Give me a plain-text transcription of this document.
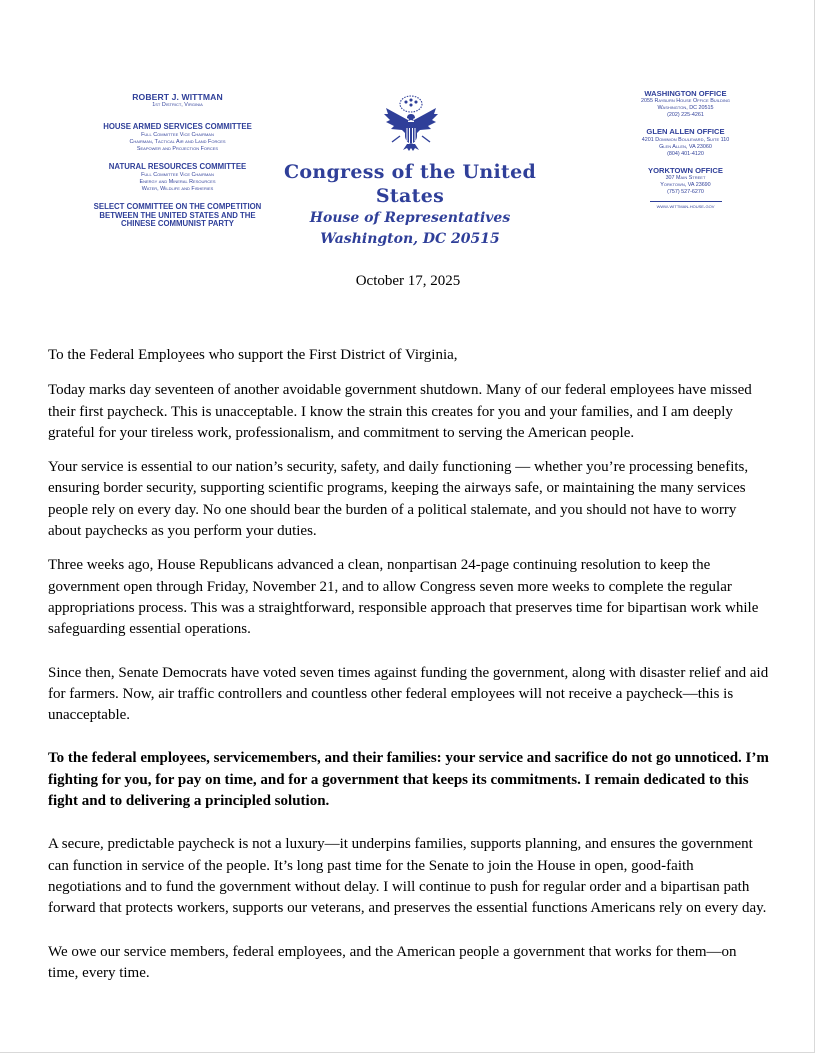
ROBERT J. WITTMAN
1st District, Virginia
HOUSE ARMED SERVICES COMMITTEE
Full Committee Vice Chairman
Chairman, Tactical Air and Land Forces
Seapower and Projection Forces
NATURAL RESOURCES COMMITTEE
Full Committee Vice Chairman
Energy and Mineral Resources
Water, Wildlife and Fisheries
SELECT COMMITTEE ON THE COMPETITION
BETWEEN THE UNITED STATES AND THE
CHINESE COMMUNIST PARTY
Congress of the United States
House of Representatives
Washington, DC 20515
WASHINGTON OFFICE
2055 Rayburn House Office Building
Washington, DC 20515
(202) 225-4261
GLEN ALLEN OFFICE
4201 Dominion Boulevard, Suite 110
Glen Allen, VA 23060
(804) 401-4120
YORKTOWN OFFICE
307 Main Street
Yorktown, VA 23690
(757) 527-6270
www.wittman.house.gov
October 17, 2025

To the Federal Employees who support the First District of Virginia,

Today marks day seventeen of another avoidable government shutdown. Many of our federal employees have missed their first paycheck. This is unacceptable. I know the strain this creates for you and your families, and I am deeply grateful for your tireless work, professionalism, and commitment to serving the American people.

Your service is essential to our nation’s security, safety, and daily functioning — whether you’re processing benefits, ensuring border security, supporting scientific programs, keeping the airways safe, or maintaining the many services people rely on every day. No one should bear the burden of a political stalemate, and you should not have to worry about paychecks as you perform your duties.

Three weeks ago, House Republicans advanced a clean, nonpartisan 24-page continuing resolution to keep the government open through Friday, November 21, and to allow Congress seven more weeks to complete the regular appropriations process. This was a straightforward, responsible approach that preserves time for bipartisan work while safeguarding essential operations.

Since then, Senate Democrats have voted seven times against funding the government, along with disaster relief and aid for farmers. Now, air traffic controllers and countless other federal employees will not receive a paycheck—this is unacceptable.

To the federal employees, servicemembers, and their families: your service and sacrifice do not go unnoticed. I’m fighting for you, for pay on time, and for a government that keeps its commitments. I remain dedicated to this fight and to delivering a principled solution.

A secure, predictable paycheck is not a luxury—it underpins families, supports planning, and ensures the government can function in service of the people. It’s long past time for the Senate to join the House in open, good-faith negotiations and to fund the government without delay. I will continue to push for regular order and a bipartisan path forward that protects workers, supports our veterans, and preserves the essential functions Americans rely on every day.

We owe our service members, federal employees, and the American people a government that works for them—on time, every time.
